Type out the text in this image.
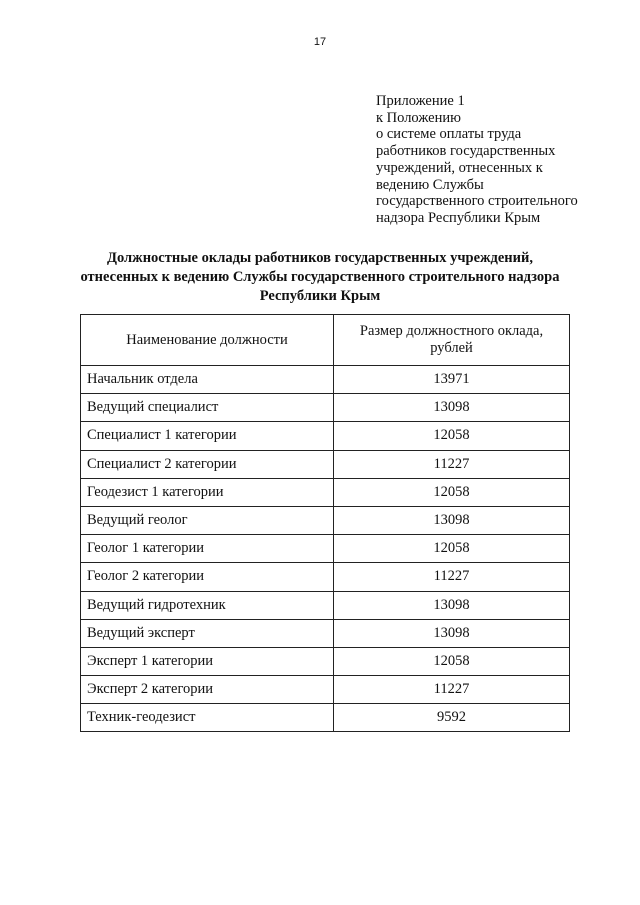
17
Приложение 1
к Положению
о системе оплаты труда
работников государственных
учреждений, отнесенных к
ведению Службы
государственного строительного
надзора Республики Крым
Должностные оклады работников государственных учреждений,
отнесенных к ведению Службы государственного строительного надзора
Республики Крым
Наименование должности	Размер должностного оклада,
рублей

Начальник отдела	13971
Ведущий специалист	13098
Специалист 1 категории	12058
Специалист 2 категории	11227
Геодезист 1 категории	12058
Ведущий геолог	13098
Геолог 1 категории	12058
Геолог 2 категории	11227
Ведущий гидротехник	13098
Ведущий эксперт	13098
Эксперт 1 категории	12058
Эксперт 2 категории	11227
Техник-геодезист	9592
